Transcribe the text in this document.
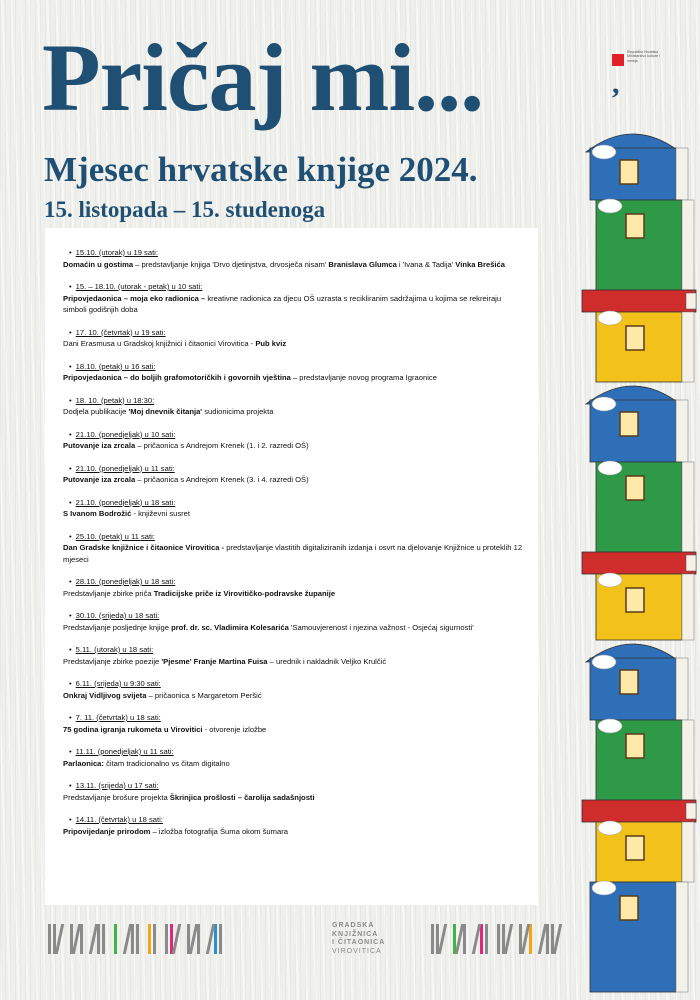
Pričaj mi...
Mjesec hrvatske knjige 2024.
15. listopada – 15. studenoga
,
Republika Hrvatska Ministarstvo kulture i medija
• 15.10. (utorak) u 19 sati:
Domaćin u gostima – predstavljanje knjiga 'Drvo djetinjstva, drvosječa nisam' Branislava Glumca i 'Ivana & Tadija' Vinka Brešića
• 15. – 18.10. (utorak - petak) u 10 sati:
Pripovjedaonica – moja eko radionica – kreativne radionica za djecu OŠ uzrasta s recikliranim sadržajima u kojima se rekreiraju simboli godišnjih doba
• 17. 10. (četvrtak) u 19 sati:
Dani Erasmusa u Gradskoj knjižnici i čitaonici Virovitica - Pub kviz
• 18.10. (petak) u 16 sati:
Pripovjedaonica – do boljih grafomotoričkih i govornih vještina – predstavljanje novog programa Igraonice
• 18. 10. (petak) u 18:30:
Dodjela publikacije 'Moj dnevnik čitanja' sudionicima projekta
• 21.10. (ponedjeljak) u 10 sati:
Putovanje iza zrcala – pričaonica s Andrejom Krenek (1. i 2. razredi OŠ)
• 21.10. (ponedjeljak) u 11 sati:
Putovanje iza zrcala – pričaonica s Andrejom Krenek (3. i 4. razredi OŠ)
• 21.10. (ponedjeljak) u 18 sati:
S Ivanom Bodrožić - književni susret
• 25.10. (petak) u 11 sati:
Dan Gradske knjižnice i čitaonice Virovitica - predstavljanje vlastitih digitaliziranih izdanja i osvrt na djelovanje Knjižnice u proteklih 12 mjeseci
• 28.10. (ponedjeljak) u 18 sati:
Predstavljanje zbirke priča Tradicijske priče iz Virovitičko-podravske županije
• 30.10. (srijeda) u 18 sati:
Predstavljanje posljednje knjige prof. dr. sc. Vladimira Kolesarića 'Samouvjerenost i njezina važnost - Osjećaj sigurnosti'
• 5.11. (utorak) u 18 sati:
Predstavljanje zbirke poezije 'Pjesme' Franje Martina Fuisa – urednik i nakladnik Veljko Krulčić
• 6.11. (srijeda) u 9:30 sati:
Onkraj Vidljivog svijeta – pričaonica s Margaretom Peršić
• 7. 11. (četvrtak) u 18 sati:
75 godina igranja rukometa u Virovitici - otvorenje izložbe
• 11.11. (ponedjeljak) u 11 sati:
Parlaonica: čitam tradicionalno vs čitam digitalno
• 13.11. (srijeda) u 17 sati:
Predstavljanje brošure projekta Škrinjica prošlosti – čarolija sadašnjosti
• 14.11. (četvrtak) u 18 sati:
Pripovijedanje prirodom – izložba fotografija Šuma okom šumara
GRADSKA
KNJIŽNICA
I ČITAONICA
VIROVITICA
